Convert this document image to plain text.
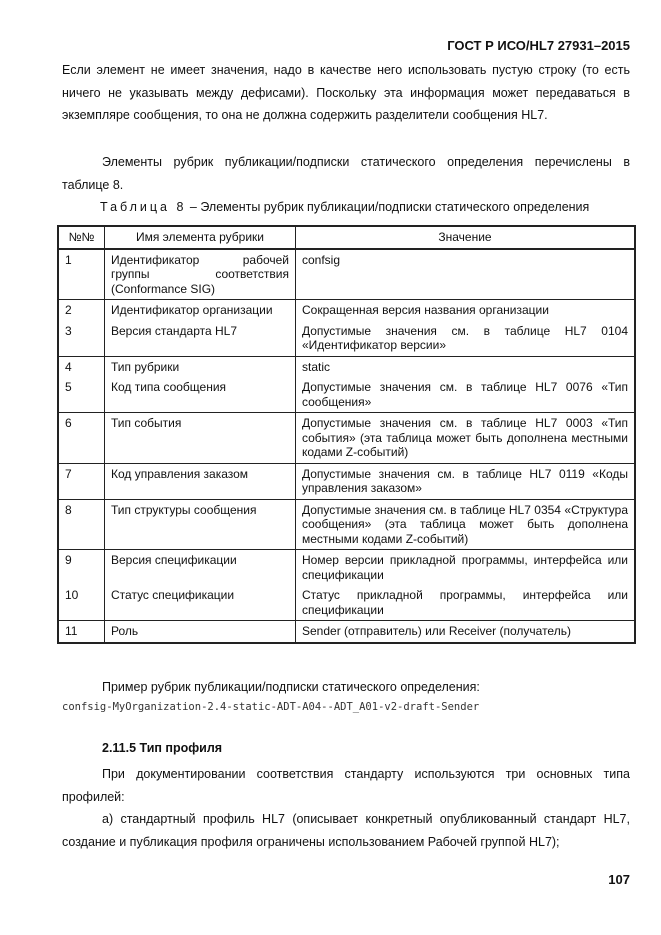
ГОСТ Р ИСО/HL7 27931–2015
Если элемент не имеет значения, надо в качестве него использовать пустую строку (то есть ничего не указывать между дефисами). Поскольку эта информация может передаваться в экземпляре сообщения, то она не должна содержить разделители сообщения HL7.
Элементы рубрик публикации/подписки статического определения перечислены в таблице 8.
Таблица 8 – Элементы рубрик публикации/подписки статического определения
№№	Имя элемента рубрики	Значение
1	Идентификатор рабочей группы соответствия (Conformance SIG)	confsig
2	Идентификатор организации	Сокращенная версия названия организации
3	Версия стандарта HL7	Допустимые значения см. в таблице HL7 0104 «Идентификатор версии»
4	Тип рубрики	static
5	Код типа сообщения	Допустимые значения см. в таблице HL7 0076 «Тип сообщения»
6	Тип события	Допустимые значения см. в таблице HL7 0003 «Тип события» (эта таблица может быть дополнена местными кодами Z-событий)
7	Код управления заказом	Допустимые значения см. в таблице HL7 0119 «Коды управления заказом»
8	Тип структуры сообщения	Допустимые значения см. в таблице HL7 0354 «Структура сообщения» (эта таблица может быть дополнена местными кодами Z-событий)
9	Версия спецификации	Номер версии прикладной программы, интерфейса или спецификации
10	Статус спецификации	Статус прикладной программы, интерфейса или спецификации
11	Роль	Sender (отправитель) или Receiver (получатель)
Пример рубрик публикации/подписки статического определения:
confsig-MyOrganization-2.4-static-ADT-A04--ADT_A01-v2-draft-Sender
2.11.5 Тип профиля
При документировании соответствия стандарту используются три основных типа профилей:
а) стандартный профиль HL7 (описывает конкретный опубликованный стандарт HL7, создание и публикация профиля ограничены использованием Рабочей группой HL7);
107
